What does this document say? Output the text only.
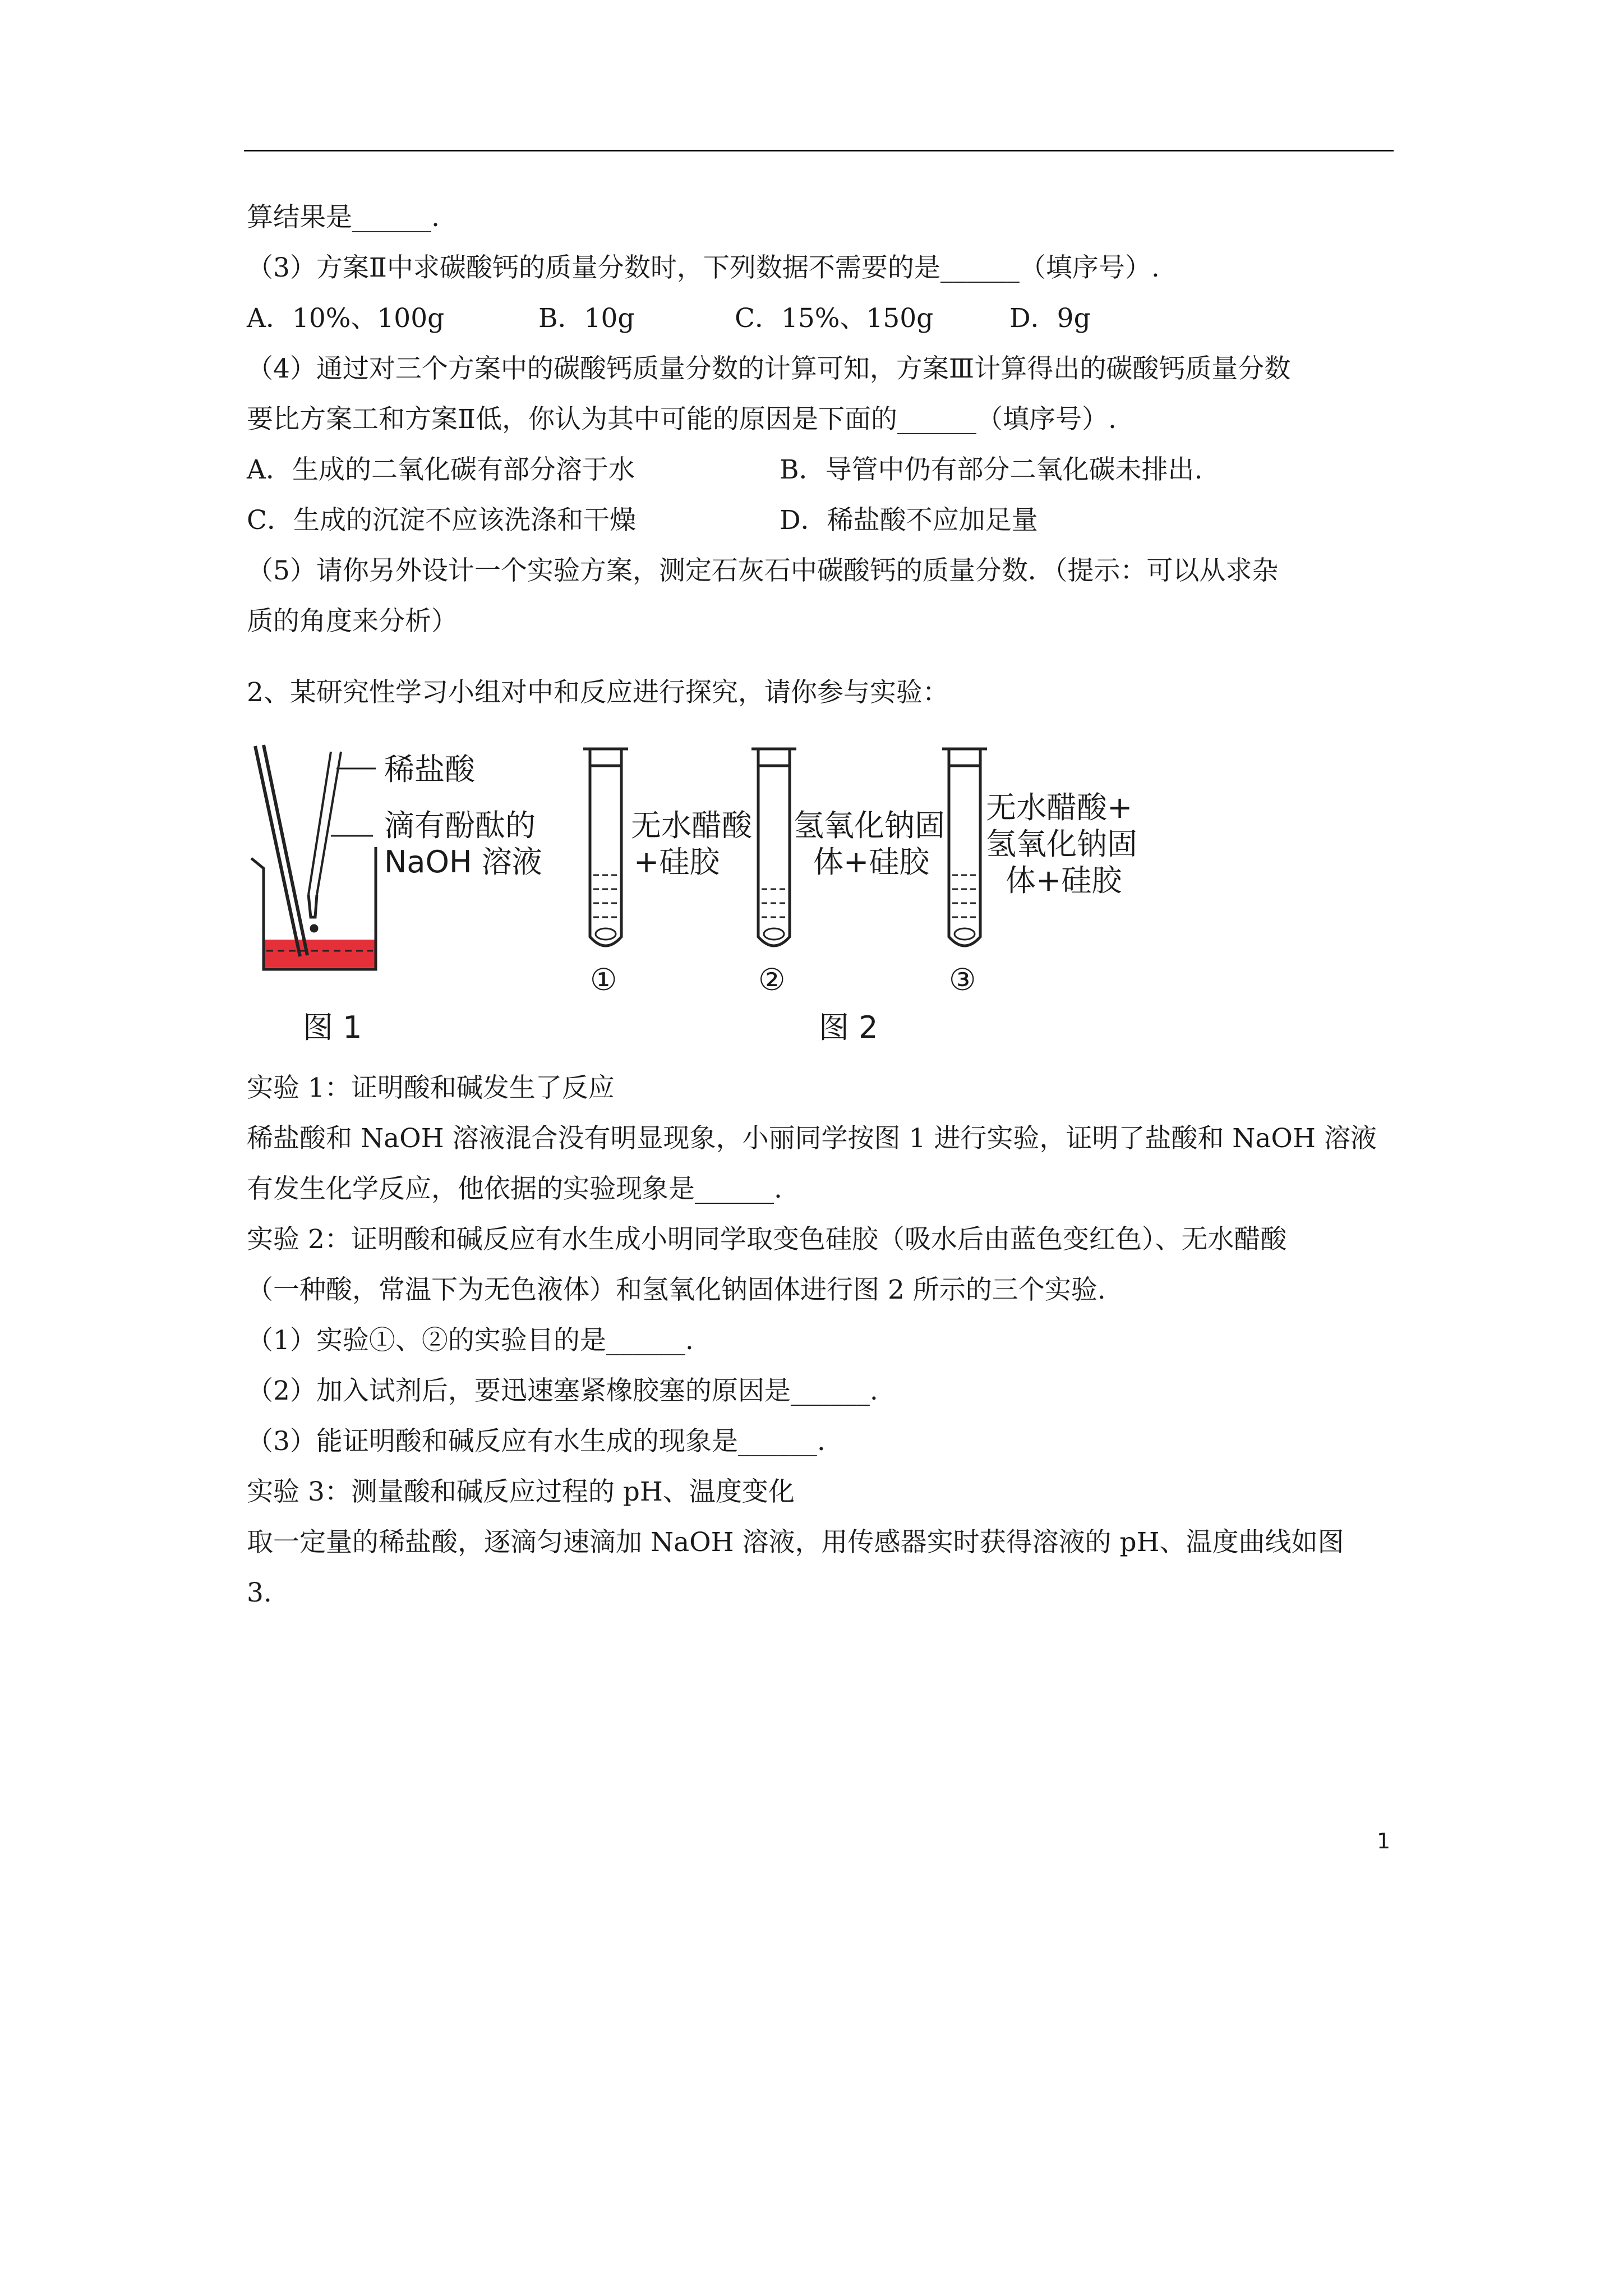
算结果是______.
（3）方案Ⅱ中求碳酸钙的质量分数时，下列数据不需要的是______（填序号）.
A．10%、100g	B．10g	C．15%、150g	D．9g
（4）通过对三个方案中的碳酸钙质量分数的计算可知，方案Ⅲ计算得出的碳酸钙质量分数
要比方案工和方案Ⅱ低，你认为其中可能的原因是下面的______（填序号）.
A．生成的二氧化碳有部分溶于水	B．导管中仍有部分二氧化碳未排出.
C．生成的沉淀不应该洗涤和干燥	D．稀盐酸不应加足量
（5）请你另外设计一个实验方案，测定石灰石中碳酸钙的质量分数．（提示：可以从求杂
质的角度来分析）
2、某研究性学习小组对中和反应进行探究，请你参与实验：
稀盐酸
滴有酚酞的
NaOH 溶液
图 1
无水醋酸
+硅胶
氢氧化钠固
体+硅胶
无水醋酸+
氢氧化钠固
体+硅胶
①	②	③
图 2
实验 1：证明酸和碱发生了反应
稀盐酸和 NaOH 溶液混合没有明显现象，小丽同学按图 1 进行实验，证明了盐酸和 NaOH 溶液
有发生化学反应，他依据的实验现象是______.
实验 2：证明酸和碱反应有水生成小明同学取变色硅胶（吸水后由蓝色变红色）、无水醋酸
（一种酸，常温下为无色液体）和氢氧化钠固体进行图 2 所示的三个实验.
（1）实验①、②的实验目的是______.
（2）加入试剂后，要迅速塞紧橡胶塞的原因是______.
（3）能证明酸和碱反应有水生成的现象是______.
实验 3：测量酸和碱反应过程的 pH、温度变化
取一定量的稀盐酸，逐滴匀速滴加 NaOH 溶液，用传感器实时获得溶液的 pH、温度曲线如图
3.
1
